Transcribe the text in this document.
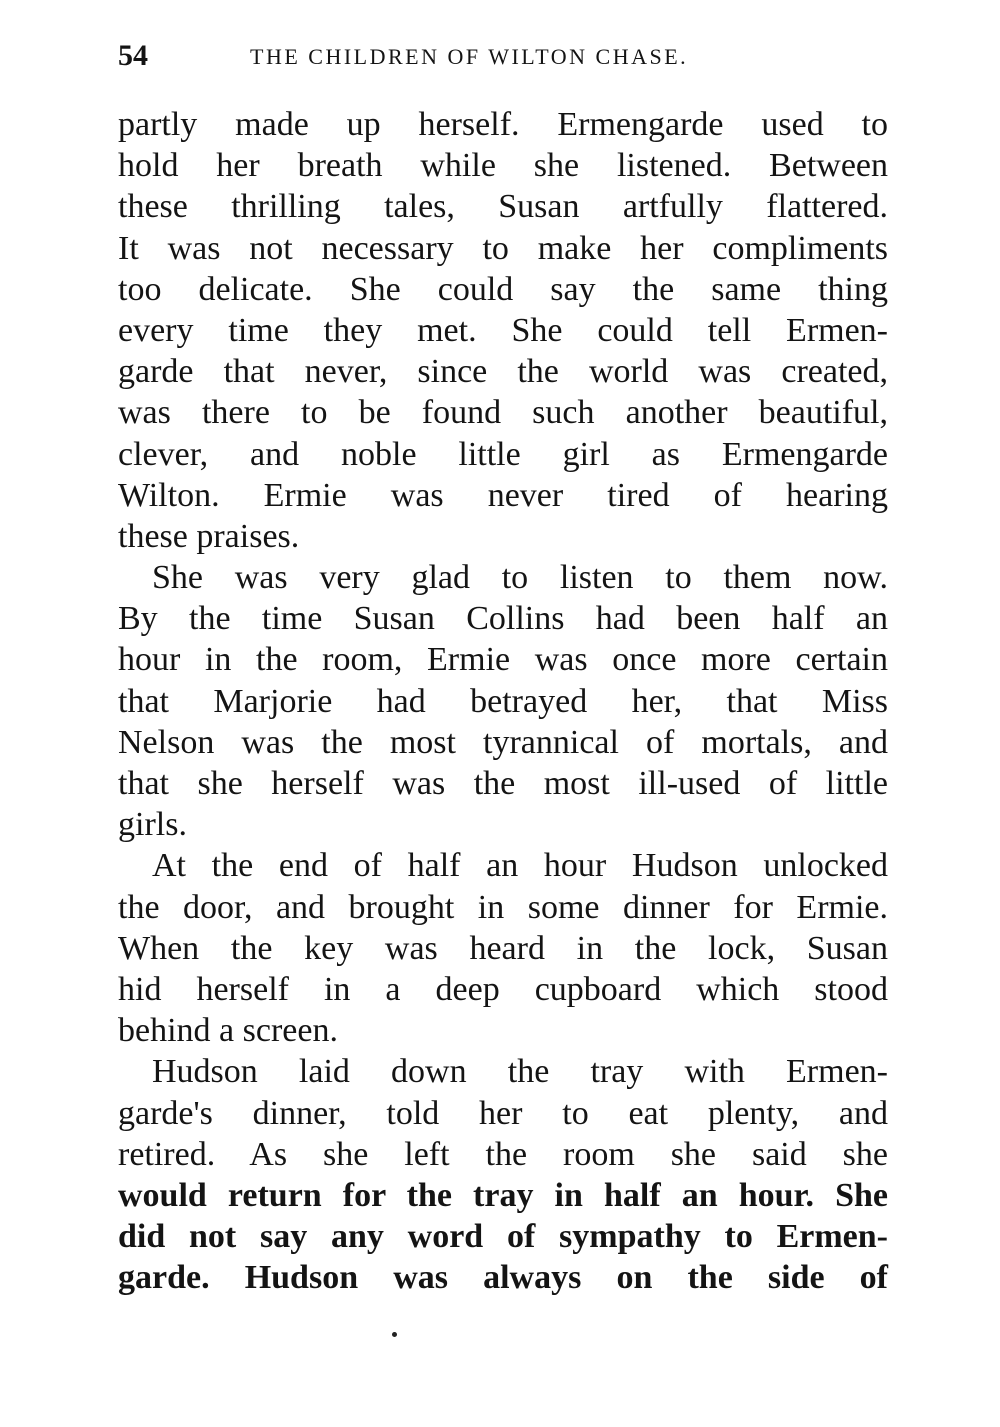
54	THE CHILDREN OF WILTON CHASE.
partly made up herself. Ermengarde used to
hold her breath while she listened. Between
these thrilling tales, Susan artfully flattered.
It was not necessary to make her compliments
too delicate. She could say the same thing
every time they met. She could tell Ermen-
garde that never, since the world was created,
was there to be found such another beautiful,
clever, and noble little girl as Ermengarde
Wilton. Ermie was never tired of hearing
these praises.
She was very glad to listen to them now.
By the time Susan Collins had been half an
hour in the room, Ermie was once more certain
that Marjorie had betrayed her, that Miss
Nelson was the most tyrannical of mortals, and
that she herself was the most ill-used of little
girls.
At the end of half an hour Hudson unlocked
the door, and brought in some dinner for Ermie.
When the key was heard in the lock, Susan
hid herself in a deep cupboard which stood
behind a screen.
Hudson laid down the tray with Ermen-
garde's dinner, told her to eat plenty, and
retired. As she left the room she said she
would return for the tray in half an hour. She
did not say any word of sympathy to Ermen-
garde. Hudson was always on the side of
